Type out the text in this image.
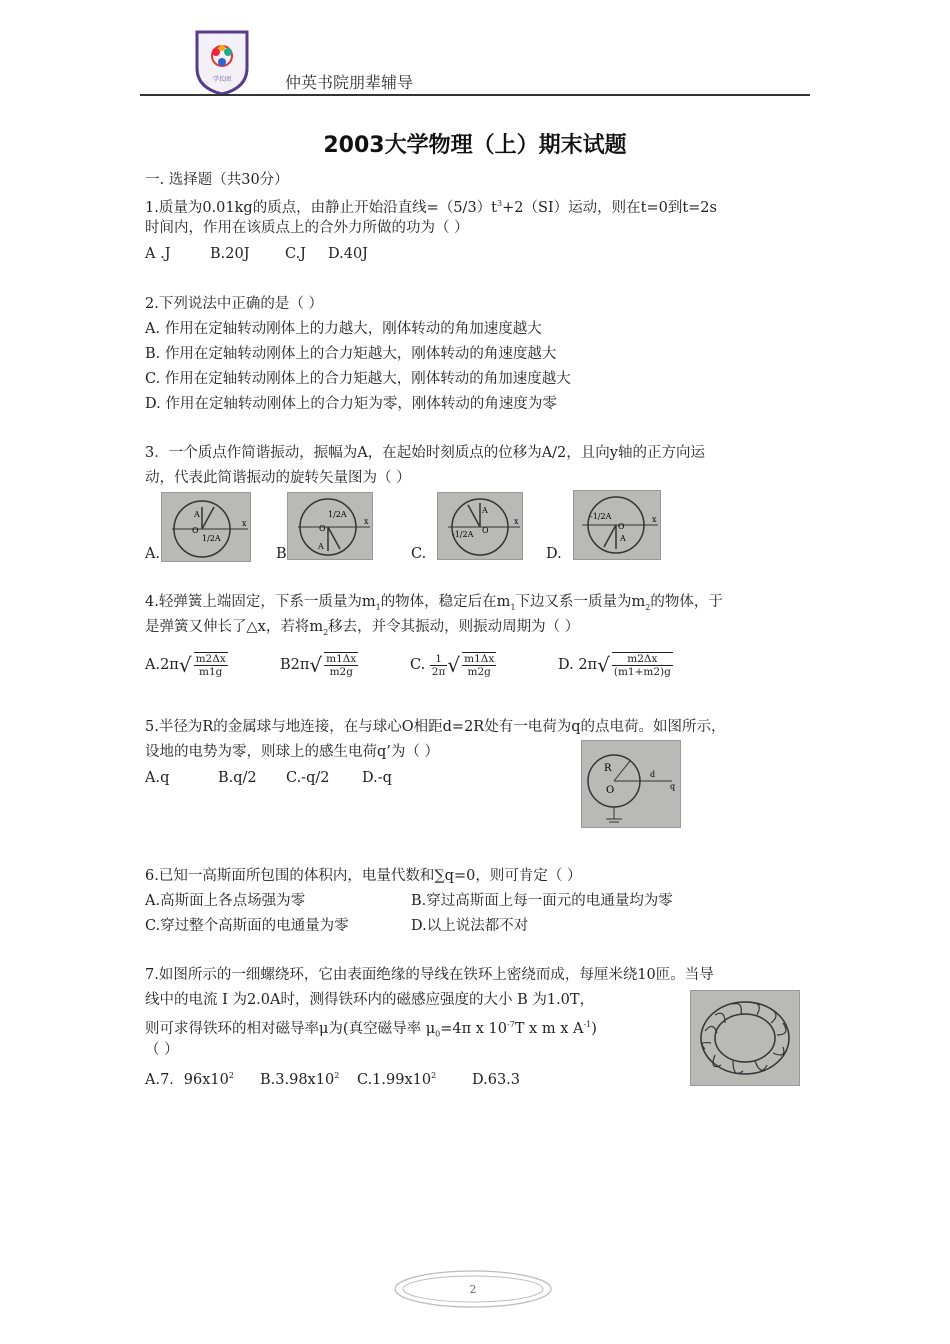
学长团	仲英书院朋辈辅导
2003大学物理（上）期末试题
一. 选择题（共30分）
1.质量为0.01kg的质点，由静止开始沿直线$=(5/3)t^3+2(SI)$运动，则在t=0到t=2s
时间内，作用在该质点上的合外力所做的功为（ ）
A .J	B.20J C.J D.40J
2.下列说法中正确的是（ ）
A. 作用在定轴转动刚体上的力越大，刚体转动的角加速度越大
B. 作用在定轴转动刚体上的合力矩越大，刚体转动的角速度越大
C. 作用在定轴转动刚体上的合力矩越大，刚体转动的角加速度越大
D. 作用在定轴转动刚体上的合力矩为零，刚体转动的角速度为零
3．一个质点作简谐振动，振幅为A，在起始时刻质点的位移为A/2，且向y轴的正方向运
动，代表此简谐振动的旋转矢量图为（ ）
A.
A
O
1/2A
x
B
1/2A
O
A
x
C.
A
O
-1/2A
x
D.
-1/2A
O
A
x
4.轻弹簧上端固定，下系一质量为$m_1$的物体，稳定后在$m_1$下边又系一质量为$m_2$的物体，于
是弹簧又伸长了△x，若将$m_2$移去，并令其振动，则振动周期为（ ）
$A.2\pi√ \frac{m2\Delta x}{m1g}$	$B2\pi√ \frac{m1\Delta x}{m2g}$	C. $\frac{1}{2\pi}$ √ $\frac{m1\Delta x}{m2g}$	D. $2\pi√ \frac{m2\Delta x}{(m1+m2)g}$
5.半径为R的金属球与地连接，在与球心O相距d=2R处有一电荷为q的点电荷。如图所示，
设地的电势为零，则球上的感生电荷q’为（ ）
A.q	B.q/2 C.-q/2 D.-q
R
O
d
q
6.已知一高斯面所包围的体积内，电量代数和∑q=0，则可肯定（ ）
A.高斯面上各点场强为零	B.穿过高斯面上每一面元的电通量均为零
C.穿过整个高斯面的电通量为零	D.以上说法都不对
7.如图所示的一细螺绕环，它由表面绝缘的导线在铁环上密绕而成，每厘米绕10匝。当导
线中的电流 I 为2.0A时，测得铁环内的磁感应强度的大小 B 为1.0T，
则可求得铁环的相对磁导率μ为(真空磁导率 $\mu_0=4\pi$ x $10^{-7}T$ x m x $A^{-1}$)
（ ）
A.7．$96x10^2$ $B.3.98x10^2$ $C.1.99x10^2$ D.63.3
2
